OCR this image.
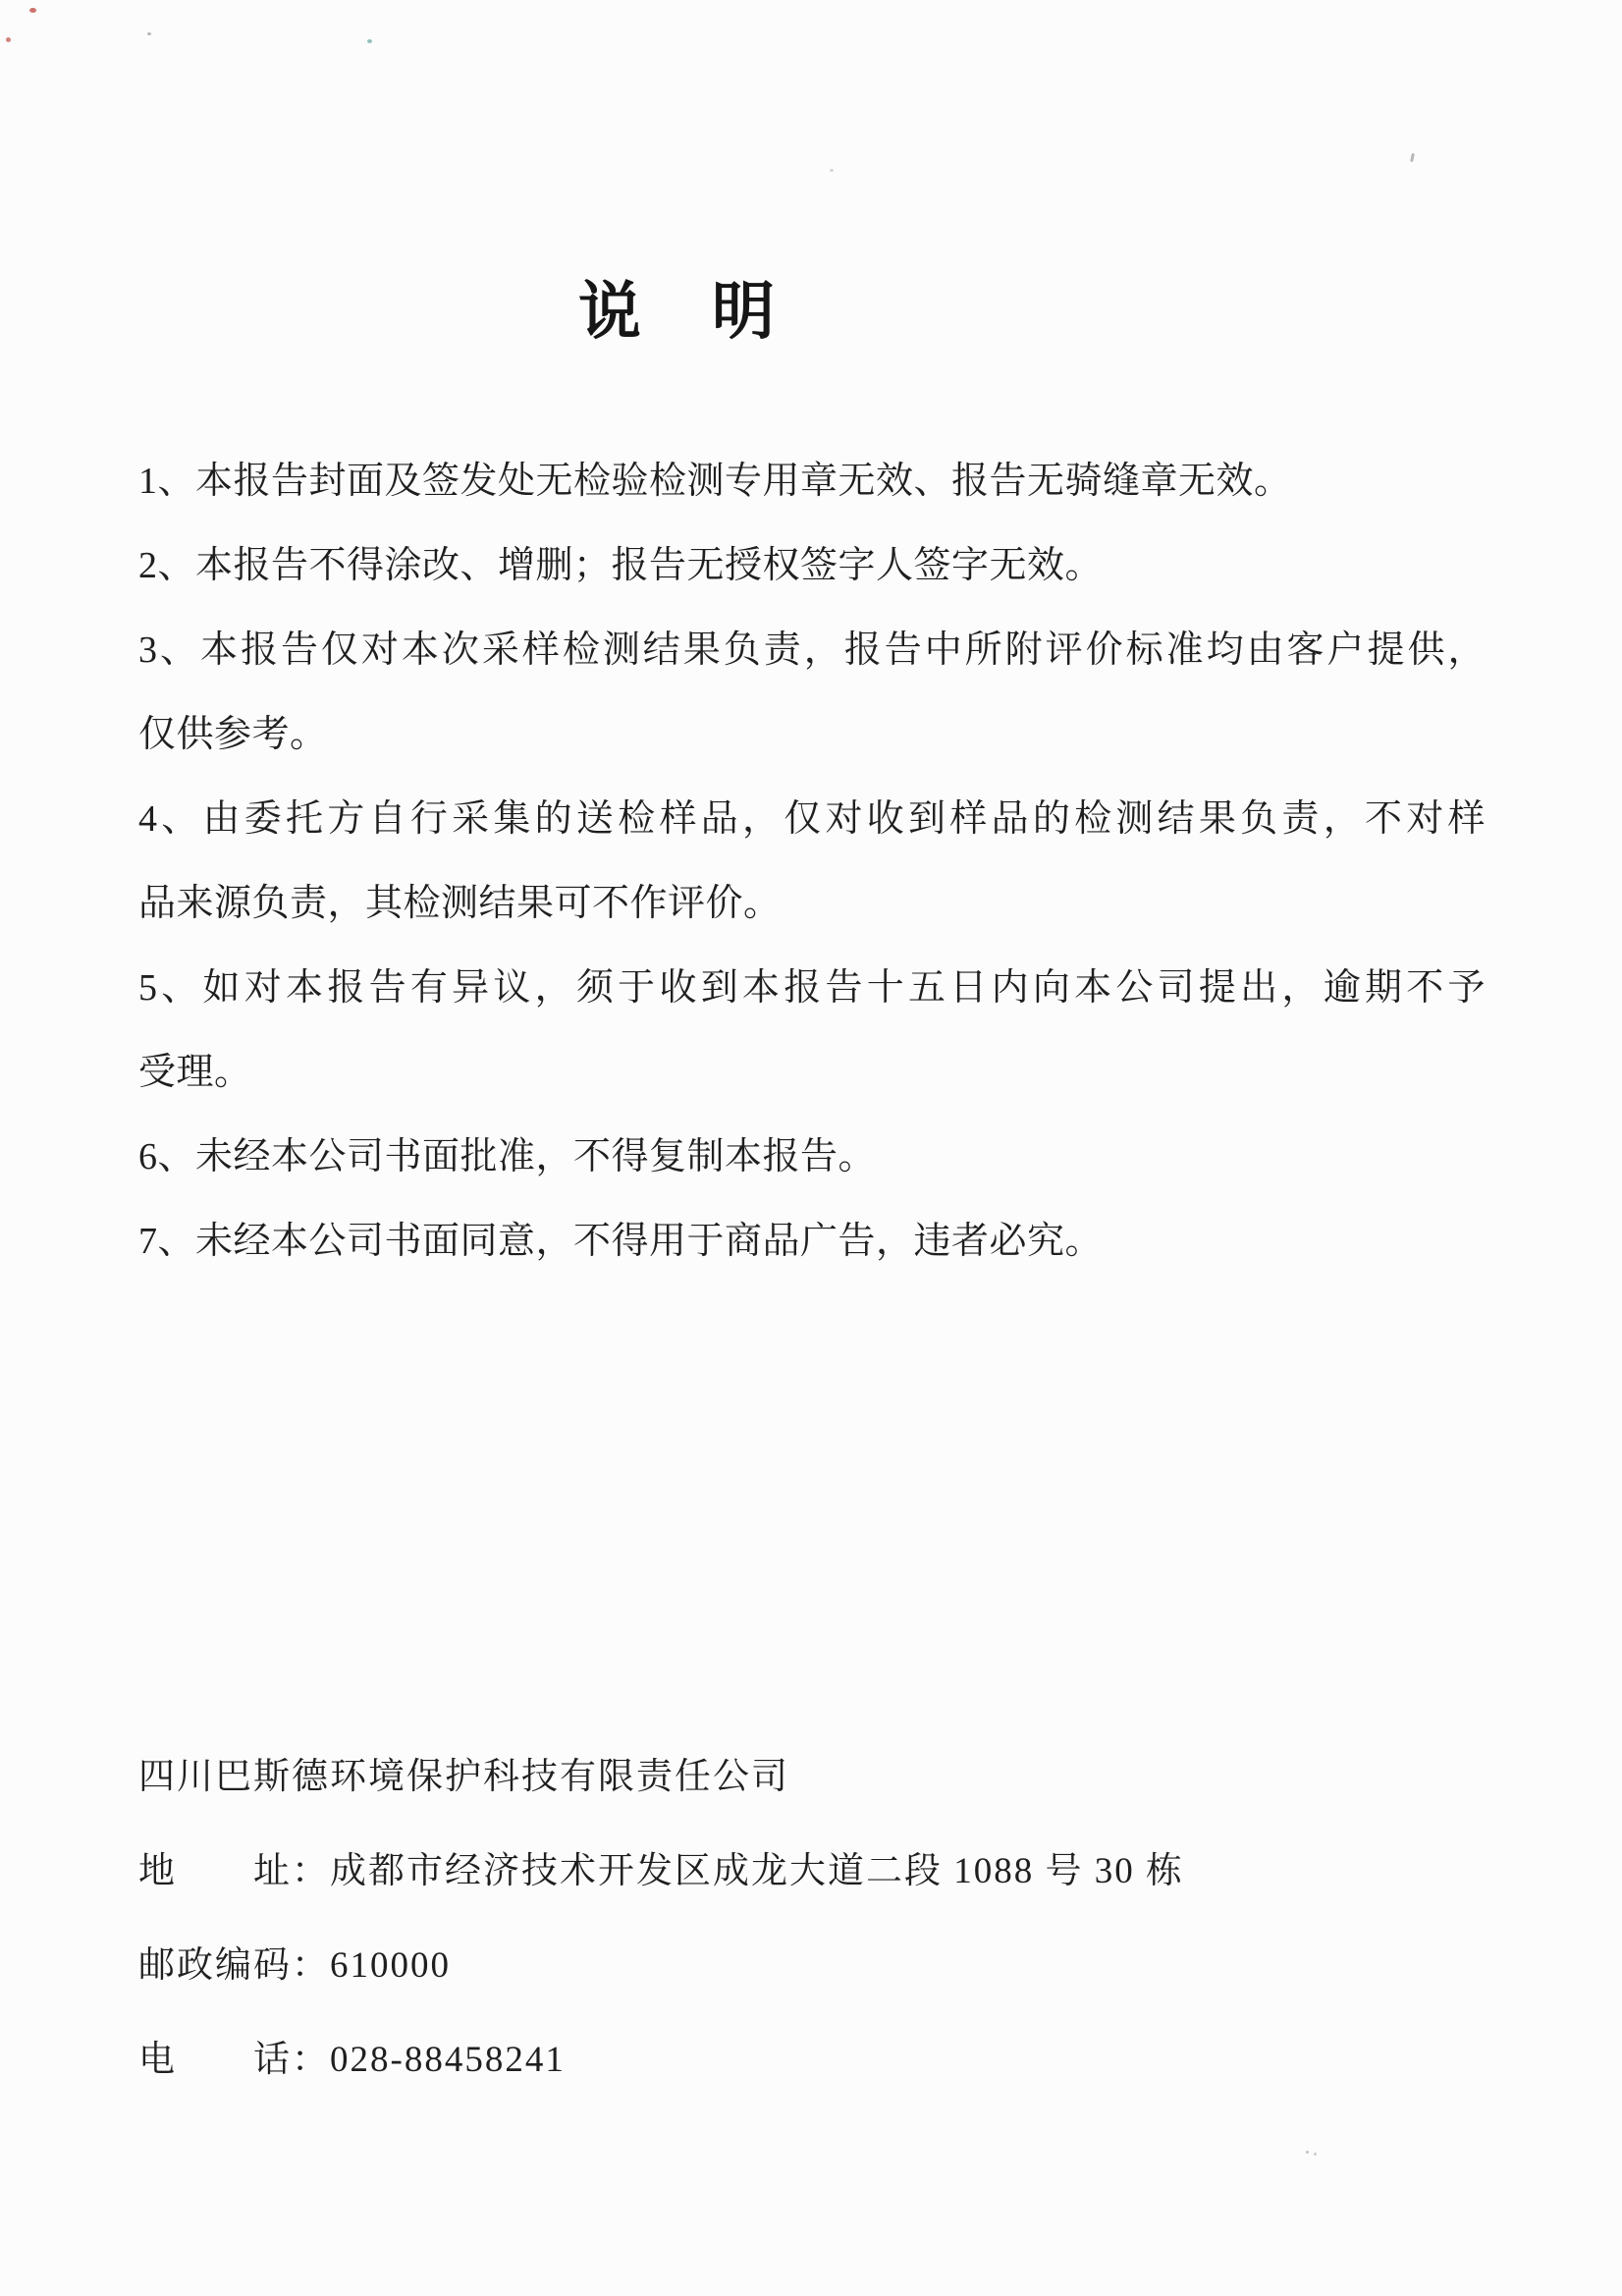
说　明
1、本报告封面及签发处无检验检测专用章无效、报告无骑缝章无效。
2、本报告不得涂改、增删；报告无授权签字人签字无效。
3、本报告仅对本次采样检测结果负责，报告中所附评价标准均由客户提供，
仅供参考。
4、由委托方自行采集的送检样品，仅对收到样品的检测结果负责，不对样
品来源负责，其检测结果可不作评价。
5、如对本报告有异议，须于收到本报告十五日内向本公司提出，逾期不予
受理。
6、未经本公司书面批准，不得复制本报告。
7、未经本公司书面同意，不得用于商品广告，违者必究。
四川巴斯德环境保护科技有限责任公司
地　　址：成都市经济技术开发区成龙大道二段 1088 号 30 栋
邮政编码：610000
电　　话：028-88458241
